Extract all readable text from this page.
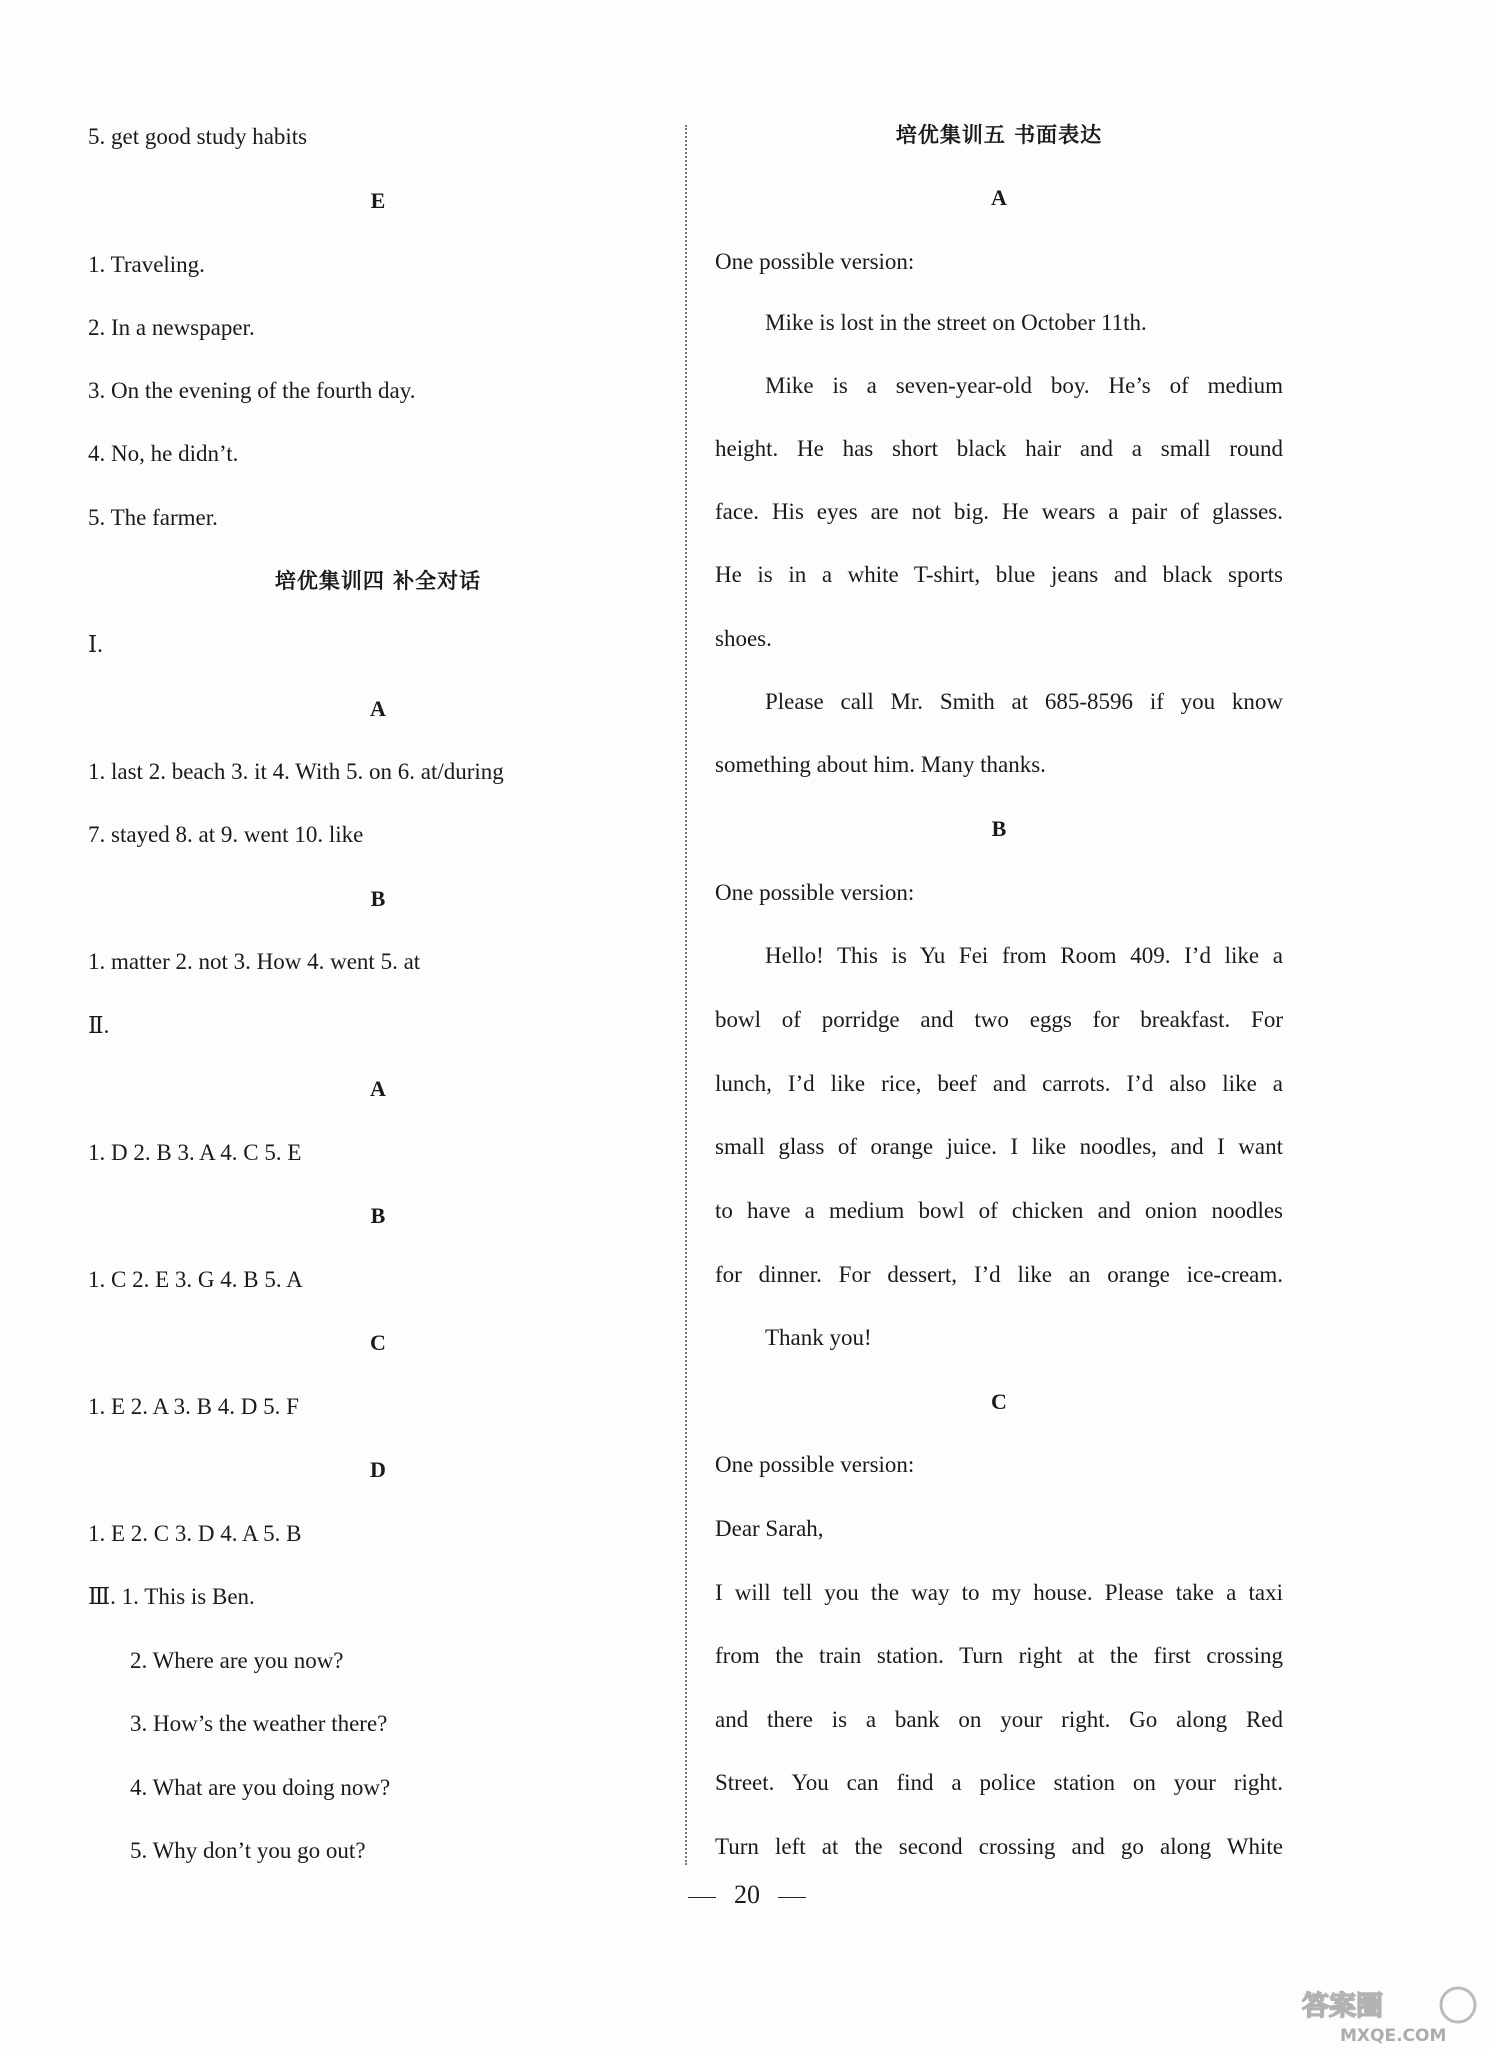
5. get good study habits
E
1. Traveling.
2. In a newspaper.
3. On the evening of the fourth day.
4. No, he didn’t.
5. The farmer.
培优集训四 补全对话
Ⅰ.
A
1. last 2. beach 3. it 4. With 5. on 6. at/during
7. stayed 8. at 9. went 10. like
B
1. matter 2. not 3. How 4. went 5. at
Ⅱ.
A
1. D 2. B 3. A 4. C 5. E
B
1. C 2. E 3. G 4. B 5. A
C
1. E 2. A 3. B 4. D 5. F
D
1. E 2. C 3. D 4. A 5. B
Ⅲ. 1. This is Ben.
2. Where are you now?
3. How’s the weather there?
4. What are you doing now?
5. Why don’t you go out?
培优集训五 书面表达
A
One possible version:
Mike is lost in the street on October 11th.
Mike is a seven-year-old boy. He’s of medium
height. He has short black hair and a small round
face. His eyes are not big. He wears a pair of glasses.
He is in a white T-shirt, blue jeans and black sports
shoes.
Please call Mr. Smith at 685-8596 if you know
something about him. Many thanks.
B
One possible version:
Hello! This is Yu Fei from Room 409. I’d like a
bowl of porridge and two eggs for breakfast. For
lunch, I’d like rice, beef and carrots. I’d also like a
small glass of orange juice. I like noodles, and I want
to have a medium bowl of chicken and onion noodles
for dinner. For dessert, I’d like an orange ice-cream.
Thank you!
C
One possible version:
Dear Sarah,
I will tell you the way to my house. Please take a taxi
from the train station. Turn right at the first crossing
and there is a bank on your right. Go along Red
Street. You can find a police station on your right.
Turn left at the second crossing and go along White
20
答案圈
MXQE.COM
